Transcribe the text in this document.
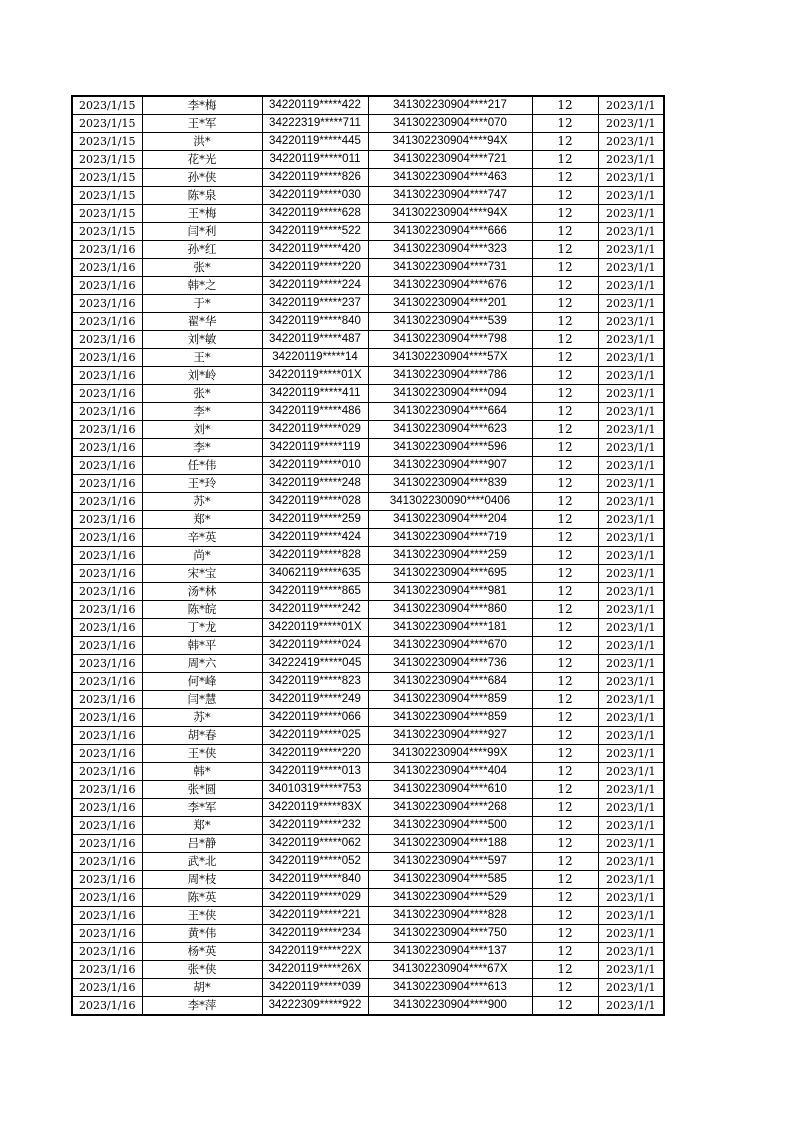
2023/1/15	李*梅	34220119*****422	341302230904****217	12	2023/1/1
2023/1/15	王*军	34222319*****711	341302230904****070	12	2023/1/1
2023/1/15	洪*	34220119*****445	341302230904****94X	12	2023/1/1
2023/1/15	花*光	34220119*****011	341302230904****721	12	2023/1/1
2023/1/15	孙*侠	34220119*****826	341302230904****463	12	2023/1/1
2023/1/15	陈*泉	34220119*****030	341302230904****747	12	2023/1/1
2023/1/15	王*梅	34220119*****628	341302230904****94X	12	2023/1/1
2023/1/15	闫*利	34220119*****522	341302230904****666	12	2023/1/1
2023/1/16	孙*红	34220119*****420	341302230904****323	12	2023/1/1
2023/1/16	张*	34220119*****220	341302230904****731	12	2023/1/1
2023/1/16	韩*之	34220119*****224	341302230904****676	12	2023/1/1
2023/1/16	于*	34220119*****237	341302230904****201	12	2023/1/1
2023/1/16	翟*华	34220119*****840	341302230904****539	12	2023/1/1
2023/1/16	刘*敏	34220119*****487	341302230904****798	12	2023/1/1
2023/1/16	王*	34220119*****14	341302230904****57X	12	2023/1/1
2023/1/16	刘*岭	34220119*****01X	341302230904****786	12	2023/1/1
2023/1/16	张*	34220119*****411	341302230904****094	12	2023/1/1
2023/1/16	李*	34220119*****486	341302230904****664	12	2023/1/1
2023/1/16	刘*	34220119*****029	341302230904****623	12	2023/1/1
2023/1/16	李*	34220119*****119	341302230904****596	12	2023/1/1
2023/1/16	任*伟	34220119*****010	341302230904****907	12	2023/1/1
2023/1/16	王*玲	34220119*****248	341302230904****839	12	2023/1/1
2023/1/16	苏*	34220119*****028	341302230090****0406	12	2023/1/1
2023/1/16	郑*	34220119*****259	341302230904****204	12	2023/1/1
2023/1/16	辛*英	34220119*****424	341302230904****719	12	2023/1/1
2023/1/16	尚*	34220119*****828	341302230904****259	12	2023/1/1
2023/1/16	宋*宝	34062119*****635	341302230904****695	12	2023/1/1
2023/1/16	汤*林	34220119*****865	341302230904****981	12	2023/1/1
2023/1/16	陈*皖	34220119*****242	341302230904****860	12	2023/1/1
2023/1/16	丁*龙	34220119*****01X	341302230904****181	12	2023/1/1
2023/1/16	韩*平	34220119*****024	341302230904****670	12	2023/1/1
2023/1/16	周*六	34222419*****045	341302230904****736	12	2023/1/1
2023/1/16	何*峰	34220119*****823	341302230904****684	12	2023/1/1
2023/1/16	闫*慧	34220119*****249	341302230904****859	12	2023/1/1
2023/1/16	苏*	34220119*****066	341302230904****859	12	2023/1/1
2023/1/16	胡*春	34220119*****025	341302230904****927	12	2023/1/1
2023/1/16	王*侠	34220119*****220	341302230904****99X	12	2023/1/1
2023/1/16	韩*	34220119*****013	341302230904****404	12	2023/1/1
2023/1/16	张*圆	34010319*****753	341302230904****610	12	2023/1/1
2023/1/16	李*军	34220119*****83X	341302230904****268	12	2023/1/1
2023/1/16	郑*	34220119*****232	341302230904****500	12	2023/1/1
2023/1/16	吕*静	34220119*****062	341302230904****188	12	2023/1/1
2023/1/16	武*北	34220119*****052	341302230904****597	12	2023/1/1
2023/1/16	周*枝	34220119*****840	341302230904****585	12	2023/1/1
2023/1/16	陈*英	34220119*****029	341302230904****529	12	2023/1/1
2023/1/16	王*侠	34220119*****221	341302230904****828	12	2023/1/1
2023/1/16	黄*伟	34220119*****234	341302230904****750	12	2023/1/1
2023/1/16	杨*英	34220119*****22X	341302230904****137	12	2023/1/1
2023/1/16	张*侠	34220119*****26X	341302230904****67X	12	2023/1/1
2023/1/16	胡*	34220119*****039	341302230904****613	12	2023/1/1
2023/1/16	李*萍	34222309*****922	341302230904****900	12	2023/1/1
